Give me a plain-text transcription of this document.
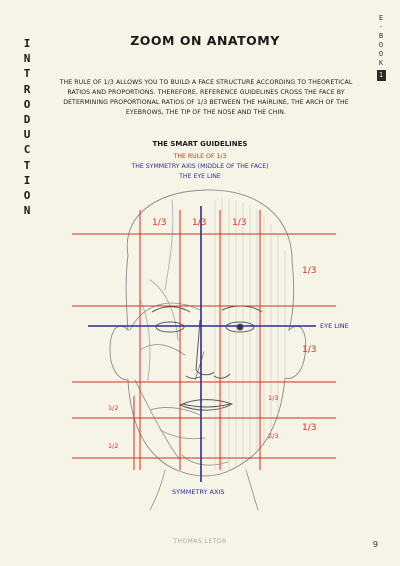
I
N
T
R
O
D
U
C
T
I
O
N
E
-
B
O
O
K
1
ZOOM ON ANATOMY
THE RULE OF 1/3 ALLOWS YOU TO BUILD A FACE STRUCTURE ACCORDING TO THEORETICAL RATIOS AND PROPORTIONS. THEREFORE, REFERENCE GUIDELINES CROSS THE FACE BY DETERMINING PROPORTIONAL RATIOS OF 1/3 BETWEEN THE HAIRLINE, THE ARCH OF THE EYEBROWS, THE TIP OF THE NOSE AND THE CHIN.
THE SMART GUIDELINES
THE RULE OF 1/3
THE SYMMETRY AXIS (MIDDLE OF THE FACE)
THE EYE LINE
1/3	1/3	1/3
1/3
1/3
1/3
1/2
1/2
1/3
2/3
EYE LINE
SYMMETRY AXIS
THOMAS LETOR	9
